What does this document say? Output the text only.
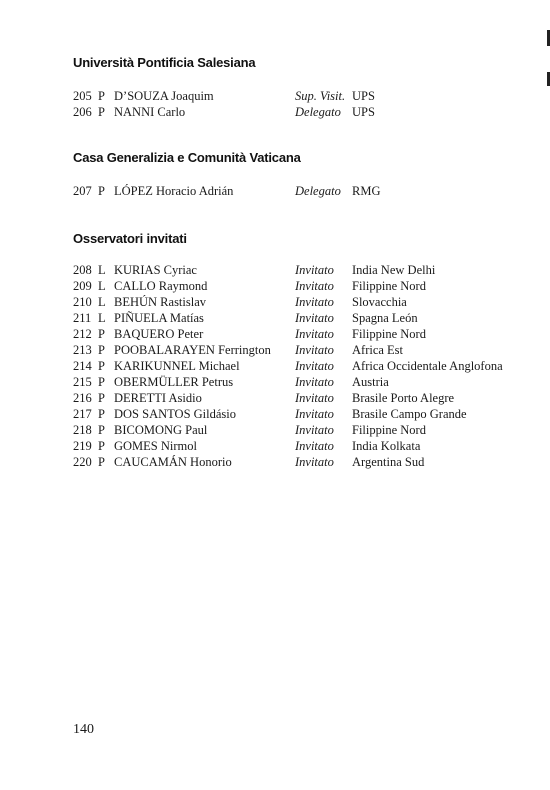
Università Pontificia Salesiana
205 P D’SOUZA Joaquim	Sup. Visit. UPS
206 P NANNI Carlo	Delegato UPS
Casa Generalizia e Comunità Vaticana
207 P LÓPEZ Horacio Adrián	Delegato RMG
Osservatori invitati
208 L KURIAS Cyriac	Invitato India New Delhi
209 L CALLO Raymond	Invitato Filippine Nord
210 L BEHÚN Rastislav	Invitato Slovacchia
211 L PIÑUELA Matías	Invitato Spagna León
212 P BAQUERO Peter	Invitato Filippine Nord
213 P POOBALARAYEN Ferrington Invitato Africa Est
214 P KARIKUNNEL Michael	Invitato Africa Occidentale Anglofona
215 P OBERMÜLLER Petrus	Invitato Austria
216 P DERETTI Asidio	Invitato Brasile Porto Alegre
217 P DOS SANTOS Gildásio	Invitato Brasile Campo Grande
218 P BICOMONG Paul	Invitato Filippine Nord
219 P GOMES Nirmol	Invitato India Kolkata
220 P CAUCAMÁN Honorio	Invitato Argentina Sud
140
